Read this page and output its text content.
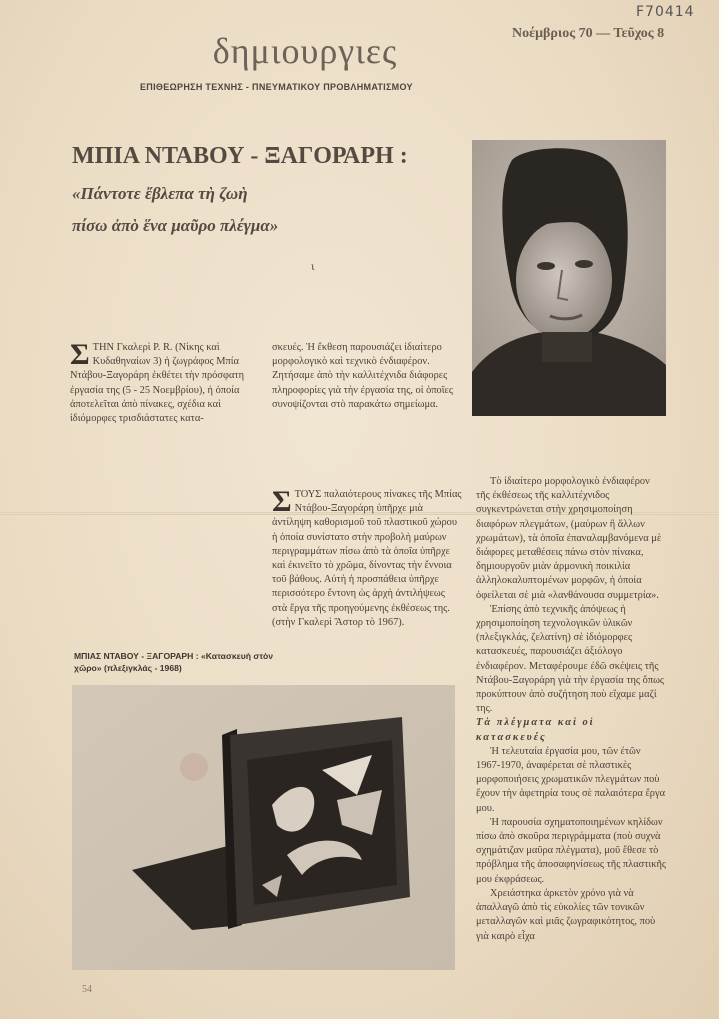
F70414
Νοέμβριος 70 — Τεῦχος 8
δημιουργιες
ΕΠΙΘΕΩΡΗΣΗ ΤΕΧΝΗΣ - ΠΝΕΥΜΑΤΙΚΟΥ ΠΡΟΒΛΗΜΑΤΙΣΜΟΥ
ΜΠΙΑ ΝΤΑΒΟΥ - ΞΑΓΟΡΑΡΗ :
«Πάντοτε ἔβλεπα τὴ ζωὴ
πίσω ἀπὸ ἕνα μαῦρο πλέγμα»
ι

ΣΤΗΝ Γκαλερὶ Ρ. R. (Νίκης καὶ Κυδαθηναίων 3) ἡ ζωγράφος Μπία Ντάβου-Ξαγοράρη ἐκθέτει τὴν πρόσφατη ἐργασία της (5 - 25 Νοεμβρίου), ἡ ὁποία ἀποτελεῖται ἀπὸ πίνακες, σχέδια καὶ ἰδιόμορφες τρισδιάστατες κατα-

σκευές. Ἡ ἔκθεση παρουσιάζει ἰδιαίτερο μορφολογικὸ καὶ τεχνικὸ ἐνδιαφέρον. Ζητήσαμε ἀπὸ τὴν καλλιτέχνιδα διάφορες πληροφορίες γιὰ τὴν ἐργασία της, οἱ ὁποῖες συνοψίζονται στὸ παρακάτω σημείωμα.

ΣΤΟΥΣ παλαιότερους πίνακες τῆς Μπίας Ντάβου-Ξαγοράρη ὑπῆρχε μιὰ ἀντίληψη καθορισμοῦ τοῦ πλαστικοῦ χώρου ἡ ὁποία συνίστατο στὴν προβολὴ μαύρων περιγραμμάτων πίσω ἀπὸ τὰ ὁποῖα ὑπῆρχε καὶ ἐκινεῖτο τὸ χρῶμα, δίνοντας τὴν ἔννοια τοῦ βάθους. Αὐτὴ ἡ προσπάθεια ὑπῆρχε περισσότερο ἔντονη ὡς ἀρχὴ ἀντιλήψεως στὰ ἔργα τῆς προηγούμενης ἐκθέσεως της. (στὴν Γκαλερὶ Ἄστορ τὸ 1967).

Τὸ ἰδιαίτερο μορφολογικὸ ἐνδιαφέρον τῆς ἐκθέσεως τῆς καλλιτέχνιδος συγκεντρώνεται στὴν χρησιμοποίηση διαφόρων πλεγμάτων, (μαύρων ἢ ἄλλων χρωμάτων), τὰ ὁποῖα ἐπαναλαμβανόμενα μὲ διάφορες μεταθέσεις πάνω στὸν πίνακα, δημιουργοῦν μιὰν ἁρμονικὴ ποικιλία ἀλληλοκαλυπτομένων μορφῶν, ἡ ὁποία ὀφείλεται σὲ μιὰ «λανθάνουσα συμμετρία».

Ἐπίσης ἀπὸ τεχνικῆς ἀπόψεως ἡ χρησιμοποίηση τεχνολογικῶν ὑλικῶν (πλεξιγκλάς, ζελατίνη) σὲ ἰδιόμορφες κατασκευές, παρουσιάζει ἀξιόλογο ἐνδιαφέρον. Μεταφέρουμε ἐδῶ σκέψεις τῆς Ντάβου-Ξαγοράρη γιὰ τὴν ἐργασία της ὅπως προκύπτουν ἀπὸ συζήτηση ποὺ εἴχαμε μαζί της.

Τὰ πλέγματα καὶ οἱ κατασκευές

Ἡ τελευταία ἐργασία μου, τῶν ἐτῶν 1967-1970, ἀναφέρεται σὲ πλαστικὲς μορφοποιήσεις χρωματικῶν πλεγμάτων ποὺ ἔχουν τὴν ἀφετηρία τους σὲ παλαιότερα ἔργα μου.

Ἡ παρουσία σχηματοποιημένων κηλίδων πίσω ἀπὸ σκοῦρα περιγράμματα (ποὺ συχνὰ σχημάτιζαν μαῦρα πλέγματα), μοῦ ἔθεσε τὸ πρόβλημα τῆς ἀποσαφηνίσεως τῆς πλαστικῆς μου ἐκφράσεως.

Χρειάστηκα ἀρκετὸν χρόνο γιὰ νὰ ἀπαλλαγῶ ἀπὸ τὶς εὐκολίες τῶν τονικῶν μεταλλαγῶν καὶ μιᾶς ζωγραφικότητος, ποὺ γιὰ καιρὸ εἶχα

ΜΠΙΑΣ ΝΤΑΒΟΥ - ΞΑΓΟΡΑΡΗ : «Κατασκευὴ στὸν χῶρο» (πλεξιγκλάς - 1968)
54
